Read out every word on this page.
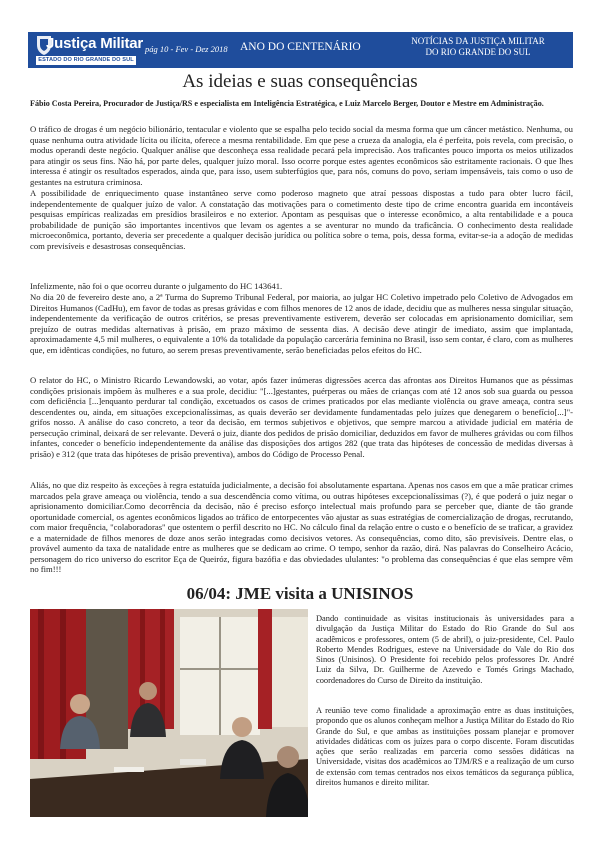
Justiça Militar
ESTADO DO RIO GRANDE DO SUL
pág 10 - Fev - Dez 2018 ANO DO CENTENÁRIO	NOTÍCIAS DA JUSTIÇA MILITAR
DO RIO GRANDE DO SUL
As ideias e suas consequências
Fábio Costa Pereira, Procurador de Justiça/RS e especialista em Inteligência Estratégica, e Luiz Marcelo Berger, Doutor e Mestre em Administração.

O tráfico de drogas é um negócio bilionário, tentacular e violento que se espalha pelo tecido social da mesma forma que um câncer metástico. Nenhuma, ou quase nenhuma outra atividade lícita ou ilícita, oferece a mesma rentabilidade. Em que pese a crueza da analogia, ela é perfeita, pois revela, com precisão, o modus operandi deste negócio. Qualquer análise que desconheça essa realidade pecará pela imprecisão. Aos traficantes pouco importa os meios utilizados para atingir os seus fins. Não há, por parte deles, qualquer juízo moral. Isso ocorre porque estes agentes econômicos são estritamente racionais. O que lhes interessa é atingir os resultados esperados, ainda que, para isso, usem subterfúgios que, para nós, comuns do povo, seriam impensáveis, tais como o uso de gestantes na estrutura criminosa.

A possibilidade de enriquecimento quase instantâneo serve como poderoso magneto que atraí pessoas dispostas a tudo para obter lucro fácil, independentemente de qualquer juízo de valor. A constatação das motivações para o cometimento deste tipo de crime encontra guarida em incontáveis pesquisas empíricas realizadas em presídios brasileiros e no exterior. Apontam as pesquisas que o interesse econômico, a alta rentabilidade e a pouca probabilidade de punição são importantes incentivos que levam os agentes a se aventurar no mundo da traficância. O conhecimento desta realidade microeconômica, portanto, deveria ser precedente a qualquer decisão jurídica ou política sobre o tema, pois, dessa forma, evitar-se-ia a adoção de medidas com previsíveis e desastrosas consequências.

Infelizmente, não foi o que ocorreu durante o julgamento do HC 143641.

No dia 20 de fevereiro deste ano, a 2ª Turma do Supremo Tribunal Federal, por maioria, ao julgar HC Coletivo impetrado pelo Coletivo de Advogados em Direitos Humanos (CadHu), em favor de todas as presas grávidas e com filhos menores de 12 anos de idade, decidiu que as mulheres nessa singular situação, independentemente da verificação de outros critérios, se presas preventivamente estiverem, deverão ser colocadas em aprisionamento domiciliar, sem prejuízo de outras medidas alternativas à prisão, em prazo máximo de sessenta dias. A decisão deve atingir de imediato, assim que implantada, aproximadamente 4,5 mil mulheres, o equivalente a 10% da totalidade da população carcerária feminina no Brasil, isso sem contar, é claro, com as mulheres que, em idênticas condições, no futuro, ao serem presas preventivamente, serão beneficiadas pelos efeitos do HC.

O relator do HC, o Ministro Ricardo Lewandowski, ao votar, após fazer inúmeras digressões acerca das afrontas aos Direitos Humanos que as péssimas condições prisionais impõem às mulheres e a sua prole, decidiu: "[...]gestantes, puérperas ou mães de crianças com até 12 anos sob sua guarda ou pessoa com deficiência [...]enquanto perdurar tal condição, excetuados os casos de crimes praticados por elas mediante violência ou grave ameaça, contra seus descendentes ou, ainda, em situações excepcionalíssimas, as quais deverão ser devidamente fundamentadas pelo juízes que denegarem o benefício[...]"- grifos nosso. A análise do caso concreto, a teor da decisão, em termos subjetivos e objetivos, que sempre marcou a atividade judicial em matéria de persecução criminal, deixará de ser relevante. Deverá o juiz, diante dos pedidos de prisão domiciliar, deduzidos em favor de mulheres grávidas ou com filhos infantes, conceder o benefício independentemente da análise das disposições dos artigos 282 (que trata das hipóteses de concessão de medidas diversas à prisão) e 312 (que trata das hipóteses de prisão preventiva), ambos do Código de Processo Penal.

Aliás, no que diz respeito às exceções à regra estatuída judicialmente, a decisão foi absolutamente espartana. Apenas nos casos em que a mãe praticar crimes marcados pela grave ameaça ou violência, tendo a sua descendência como vítima, ou outras hipóteses excepcionalíssimas (?), é que poderá o juiz negar o aprisionamento domiciliar.Como decorrência da decisão, não é preciso esforço intelectual mais profundo para se perceber que, diante de tão grande oportunidade comercial, os agentes econômicos ligados ao tráfico de entorpecentes vão ajustar as suas estratégias de comercialização de drogas, recrutando, com maior frequência, "colaboradoras" que ostentem o perfil descrito no HC. No cálculo final da relação entre o custo e o benefício de se traficar, a gravidez e a maternidade de filhos menores de doze anos serão integradas como decisivos vetores. As consequências, como dito, são previsíveis. Dentre elas, o provável aumento da taxa de natalidade entre as mulheres que se dedicam ao crime. O tempo, senhor da razão, dirá. Nas palavras do Conselheiro Acácio, personagem do rico universo do escritor Eça de Queiróz, figura bazófia e das obviedades ululantes: "o problema das consequências é que elas sempre vêm no fim!!!

06/04: JME visita a UNISINOS

Dando continuidade as visitas institucionais às universidades para a divulgação da Justiça Militar do Estado do Rio Grande do Sul aos acadêmicos e professores, ontem (5 de abril), o juiz-presidente, Cel. Paulo Roberto Mendes Rodrigues, esteve na Universidade do Vale do Rio dos Sinos (Unisinos). O Presidente foi recebido pelos professores Dr. André Luiz da Silva, Dr. Guilherme de Azevedo e Tomés Grings Machado, coordenadores do Curso de Direito da instituição.

A reunião teve como finalidade a aproximação entre as duas instituições, propondo que os alunos conheçam melhor a Justiça Militar do Estado do Rio Grande do Sul, e que ambas as instituições possam planejar e promover atividades didáticas com os juízes para o corpo discente. Foram discutidas ações que serão realizadas em parceria como sessões didáticas na Universidade, visitas dos acadêmicos ao TJM/RS e a realização de um curso de extensão com temas centrados nos eixos temáticos da segurança pública, direitos humanos e direito militar.
